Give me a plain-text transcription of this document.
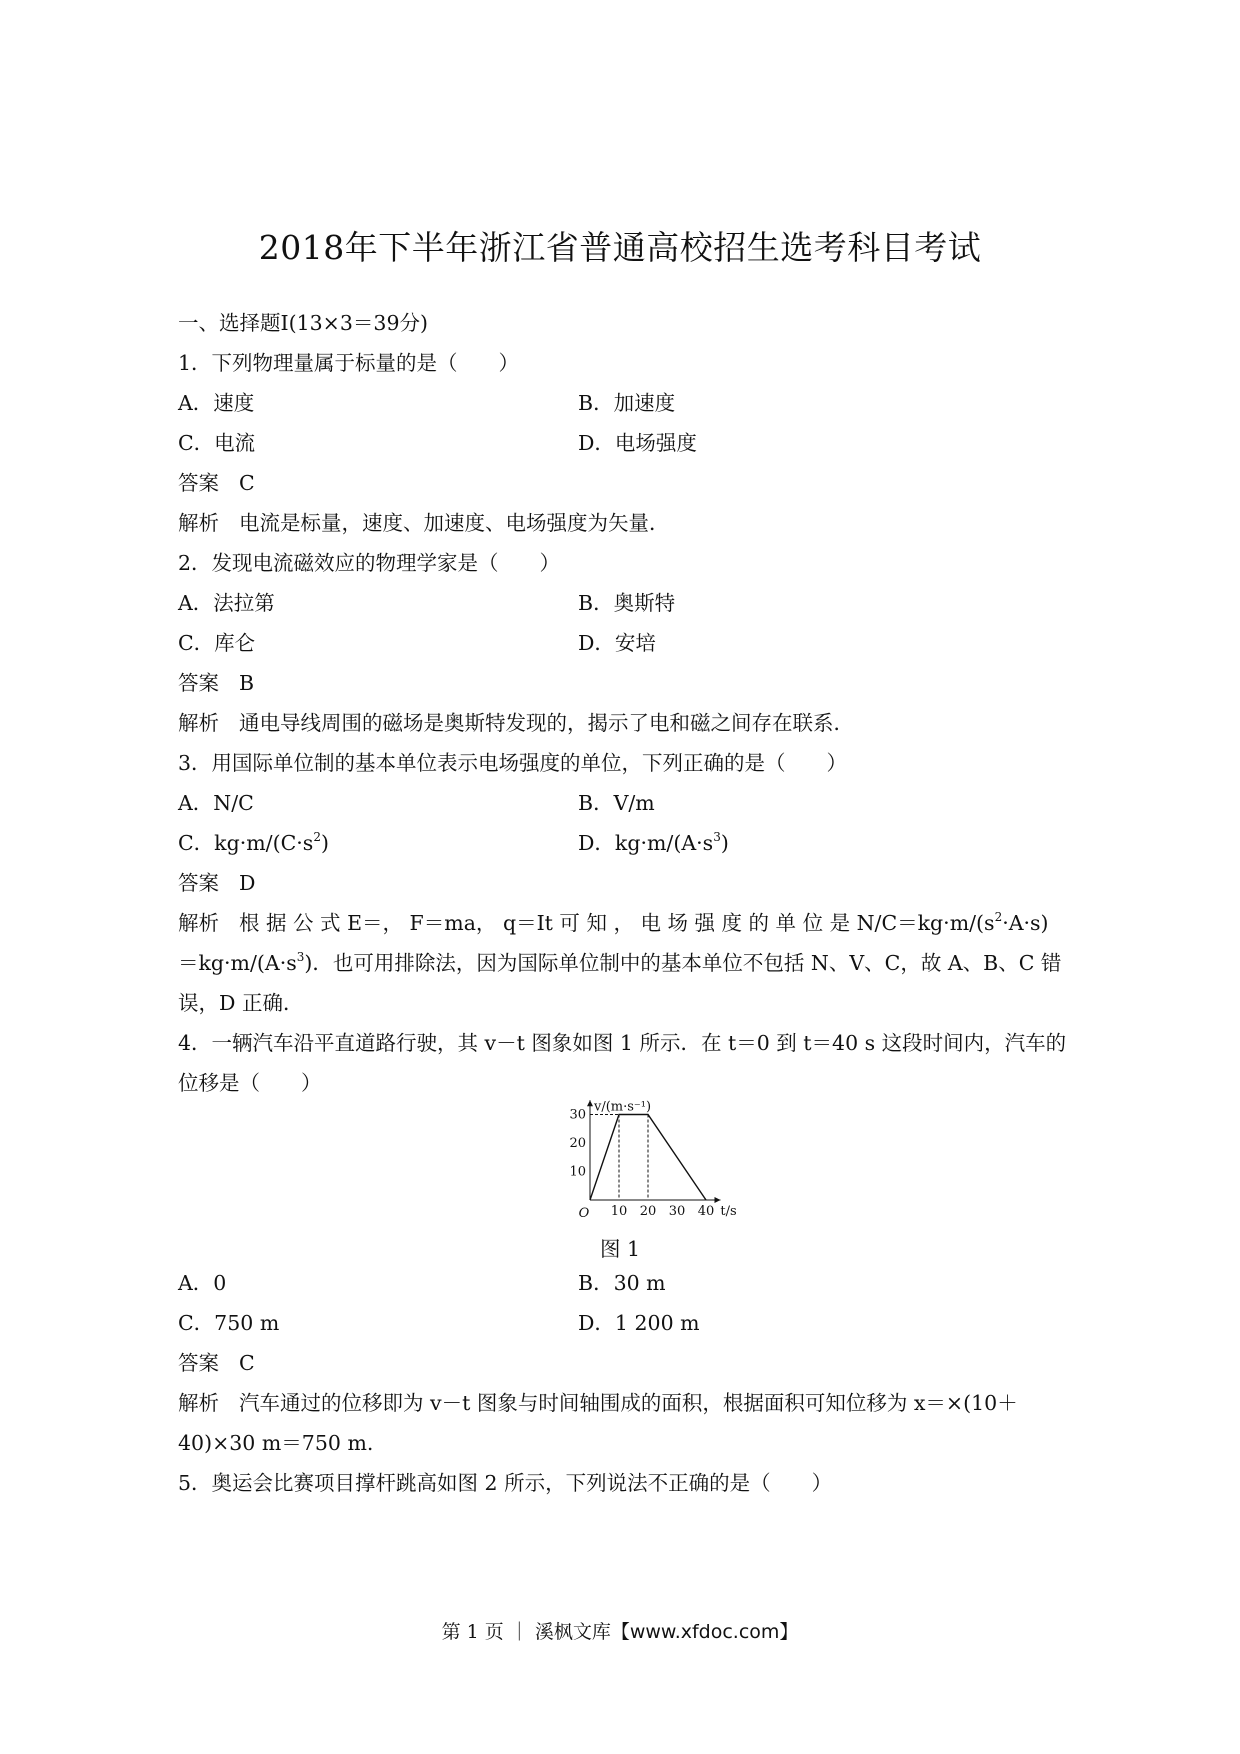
2018年下半年浙江省普通高校招生选考科目考试
一、选择题Ⅰ(13×3＝39分)
1．下列物理量属于标量的是（　　）
A．速度	B．加速度
C．电流	D．电场强度
答案 C
解析 电流是标量，速度、加速度、电场强度为矢量．
2．发现电流磁效应的物理学家是（　　）
A．法拉第	B．奥斯特
C．库仑	D．安培
答案 B
解析 通电导线周围的磁场是奥斯特发现的，揭示了电和磁之间存在联系．
3．用国际单位制的基本单位表示电场强度的单位，下列正确的是（　　）
A．N/C	B．V/m
C．$kg\cdot m/(C\cdot s^2)$	D．$kg\cdot m/(A\cdot s^3)$
答案 D
解析 根 据 公 式 E＝， F＝ma， q＝It 可 知 ， 电 场 强 度 的 单 位 是 $N/C=kg\cdot m/(s^2\cdot A\cdot s)$
$=kg\cdot m/(A\cdot s^3)$．也可用排除法，因为国际单位制中的基本单位不包括 N、V、C，故 A、B、C 错
误，D 正确．
4．一辆汽车沿平直道路行驶，其 v－t 图象如图 1 所示．在 t＝0 到 t＝40 s 这段时间内，汽车的
位移是（　　）
10 20 30 40
10
20
30
O	t/s
v/(m·s⁻¹)
图 1
A．0	B．30 m
C．750 m	D．1 200 m
答案 C
解析 汽车通过的位移即为 v－t 图象与时间轴围成的面积，根据面积可知位移为 x＝×(10＋
40)×30 m＝750 m.
5．奥运会比赛项目撑杆跳高如图 2 所示，下列说法不正确的是（　　）
第 1 页 ｜ 溪枫文库【www.xfdoc.com】
